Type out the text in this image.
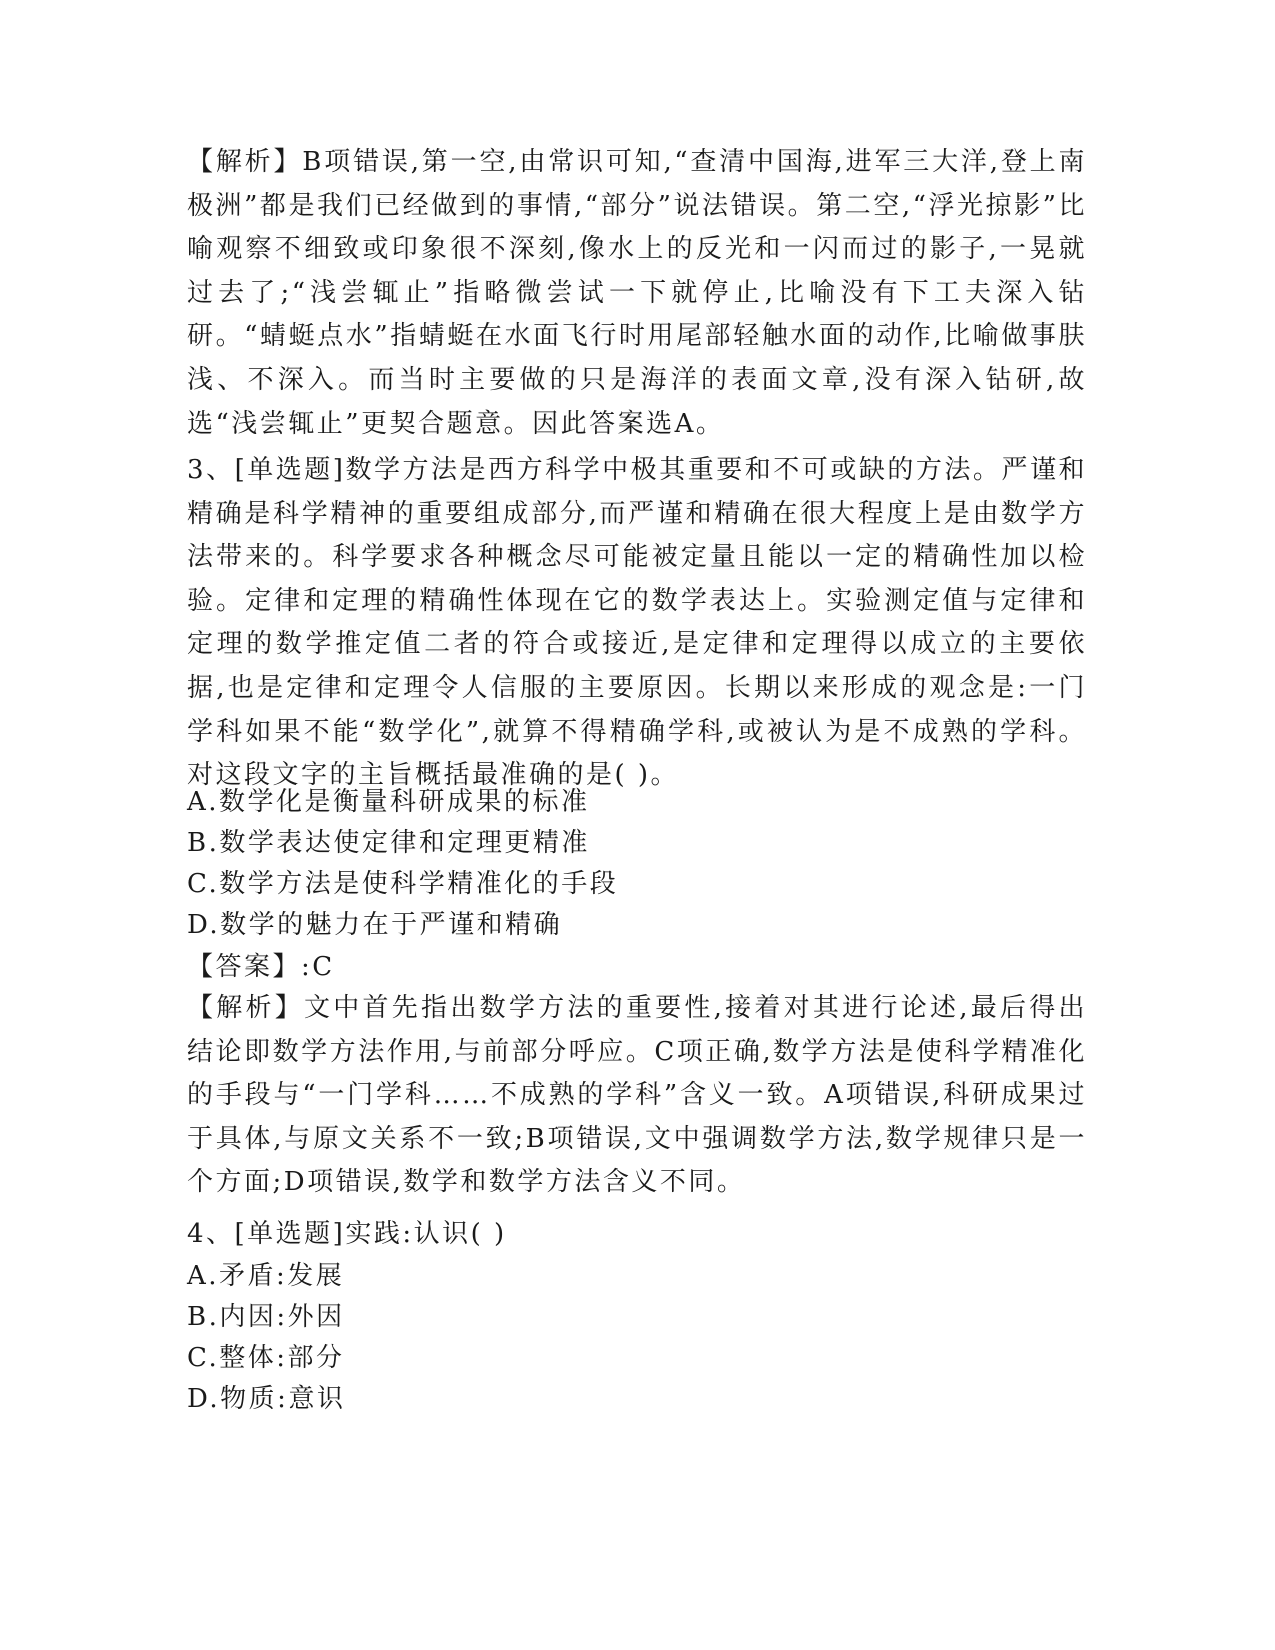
【解析】B项错误,第一空,由常识可知,“查清中国海,进军三大洋,登上南极洲”都是我们已经做到的事情,“部分”说法错误。第二空,“浮光掠影”比喻观察不细致或印象很不深刻,像水上的反光和一闪而过的影子,一晃就过去了;“浅尝辄止”指略微尝试一下就停止,比喻没有下工夫深入钻研。“蜻蜓点水”指蜻蜓在水面飞行时用尾部轻触水面的动作,比喻做事肤浅、不深入。而当时主要做的只是海洋的表面文章,没有深入钻研,故选“浅尝辄止”更契合题意。因此答案选A。
3、[单选题]数学方法是西方科学中极其重要和不可或缺的方法。严谨和精确是科学精神的重要组成部分,而严谨和精确在很大程度上是由数学方法带来的。科学要求各种概念尽可能被定量且能以一定的精确性加以检验。定律和定理的精确性体现在它的数学表达上。实验测定值与定律和定理的数学推定值二者的符合或接近,是定律和定理得以成立的主要依据,也是定律和定理令人信服的主要原因。长期以来形成的观念是:一门学科如果不能“数学化”,就算不得精确学科,或被认为是不成熟的学科。对这段文字的主旨概括最准确的是( )。
A.数学化是衡量科研成果的标准
B.数学表达使定律和定理更精准
C.数学方法是使科学精准化的手段
D.数学的魅力在于严谨和精确
【答案】:C
【解析】文中首先指出数学方法的重要性,接着对其进行论述,最后得出结论即数学方法作用,与前部分呼应。C项正确,数学方法是使科学精准化的手段与“一门学科……不成熟的学科”含义一致。A项错误,科研成果过于具体,与原文关系不一致;B项错误,文中强调数学方法,数学规律只是一个方面;D项错误,数学和数学方法含义不同。
4、[单选题]实践:认识( )
A.矛盾:发展
B.内因:外因
C.整体:部分
D.物质:意识
